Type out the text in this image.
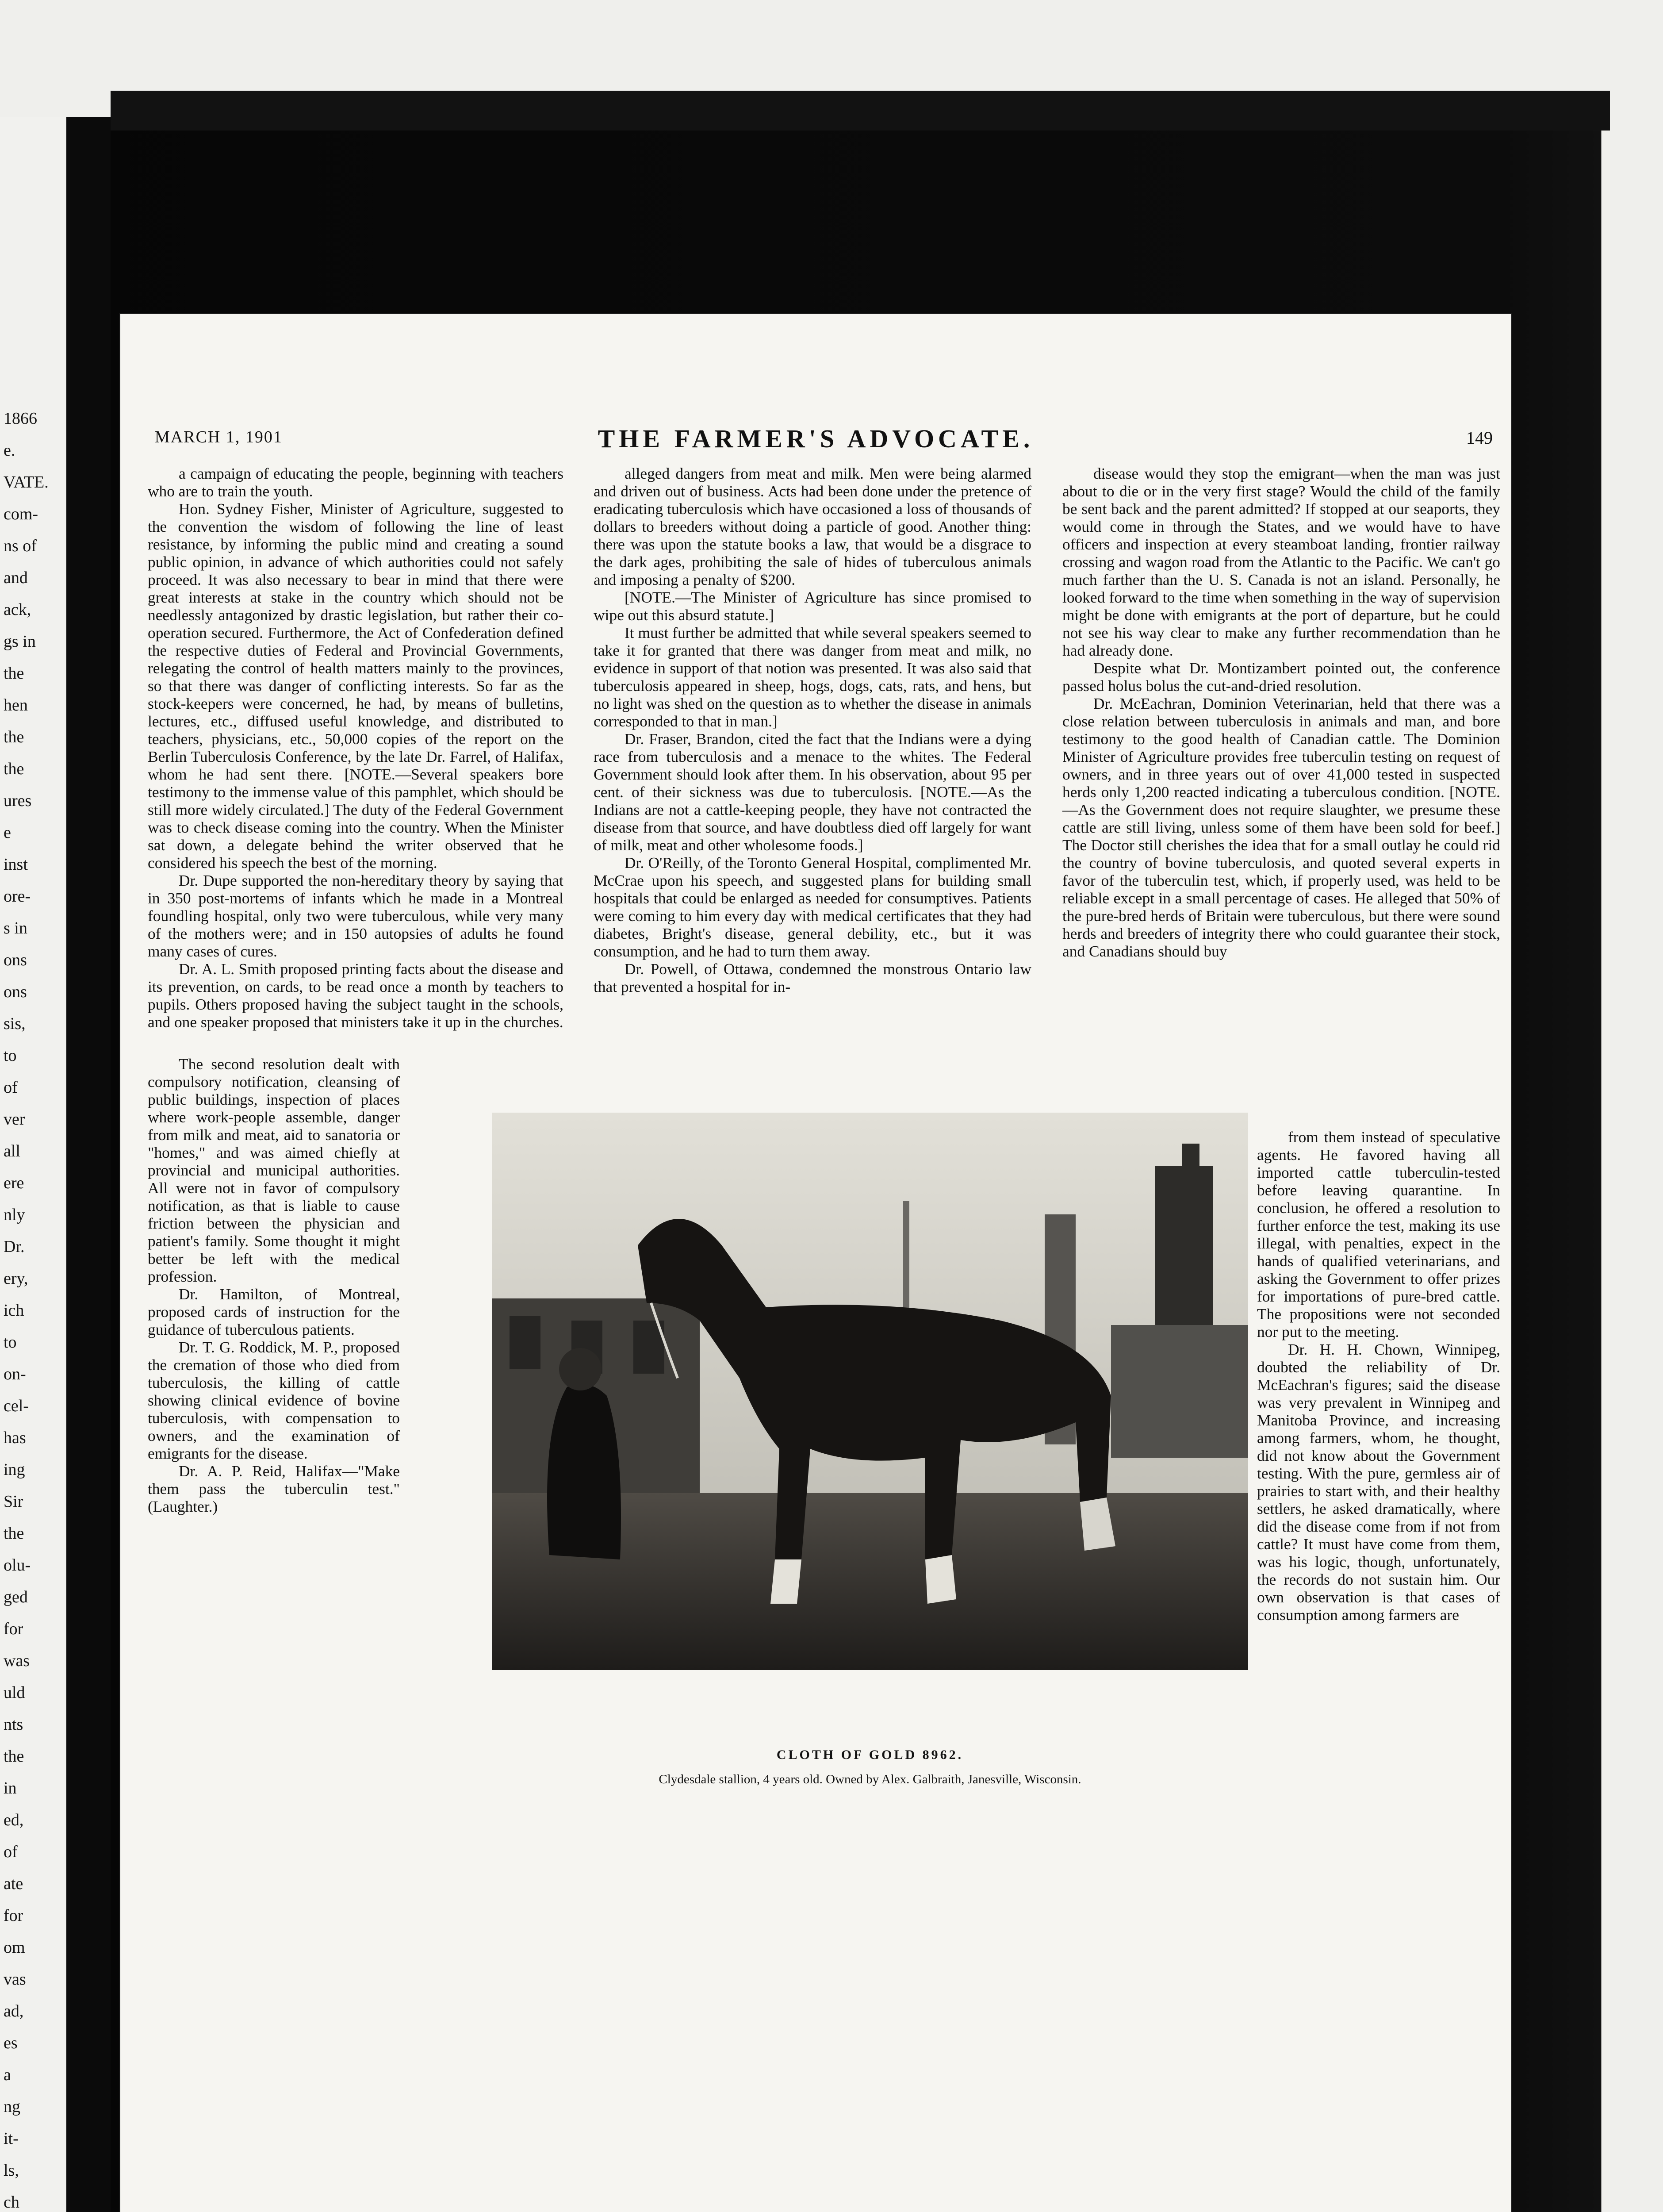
1866
e.
VATE.
com-
ns of
and
ack,
gs in
the
hen
the
the
ures
e
inst
ore-
s in
ons
ons
sis,
to
of
ver
all
ere
nly
Dr.
ery,
ich
to
on-
cel-
has
ing
Sir
the
olu-
ged
for
was
uld
nts
the
in
ed,
of
ate
for
om
vas
ad,
es
a
ng
it-
ls,
ch
MARCH 1, 1901	THE FARMER'S ADVOCATE.	149

a campaign of educating the people, beginning with teachers who are to train the youth.

Hon. Sydney Fisher, Minister of Agriculture, suggested to the convention the wisdom of following the line of least resistance, by informing the public mind and creating a sound public opinion, in advance of which authorities could not safely proceed. It was also necessary to bear in mind that there were great interests at stake in the country which should not be needlessly antagonized by drastic legislation, but rather their co-operation secured. Furthermore, the Act of Confederation defined the respective duties of Federal and Provincial Governments, relegating the control of health matters mainly to the provinces, so that there was danger of conflicting interests. So far as the stock-keepers were concerned, he had, by means of bulletins, lectures, etc., diffused useful knowledge, and distributed to teachers, physicians, etc., 50,000 copies of the report on the Berlin Tuberculosis Conference, by the late Dr. Farrel, of Halifax, whom he had sent there. [NOTE.—Several speakers bore testimony to the immense value of this pamphlet, which should be still more widely circulated.] The duty of the Federal Government was to check disease coming into the country. When the Minister sat down, a delegate behind the writer observed that he considered his speech the best of the morning.

Dr. Dupe supported the non-hereditary theory by saying that in 350 post-mortems of infants which he made in a Montreal foundling hospital, only two were tuberculous, while very many of the mothers were; and in 150 autopsies of adults he found many cases of cures.

Dr. A. L. Smith proposed printing facts about the disease and its prevention, on cards, to be read once a month by teachers to pupils. Others proposed having the subject taught in the schools, and one speaker proposed that ministers take it up in the churches.

The second resolution dealt with compulsory notification, cleansing of public buildings, inspection of places where work-people assemble, danger from milk and meat, aid to sanatoria or "homes," and was aimed chiefly at provincial and municipal authorities. All were not in favor of compulsory notification, as that is liable to cause friction between the physician and patient's family. Some thought it might better be left with the medical profession.

Dr. Hamilton, of Montreal, proposed cards of instruction for the guidance of tuberculous patients.

Dr. T. G. Roddick, M. P., proposed the cremation of those who died from tuberculosis, the killing of cattle showing clinical evidence of bovine tuberculosis, with compensation to owners, and the examination of emigrants for the disease.

Dr. A. P. Reid, Halifax—"Make them pass the tuberculin test." (Laughter.)

alleged dangers from meat and milk. Men were being alarmed and driven out of business. Acts had been done under the pretence of eradicating tuberculosis which have occasioned a loss of thousands of dollars to breeders without doing a particle of good. Another thing: there was upon the statute books a law, that would be a disgrace to the dark ages, prohibiting the sale of hides of tuberculous animals and imposing a penalty of $200.

[NOTE.—The Minister of Agriculture has since promised to wipe out this absurd statute.]

It must further be admitted that while several speakers seemed to take it for granted that there was danger from meat and milk, no evidence in support of that notion was presented. It was also said that tuberculosis appeared in sheep, hogs, dogs, cats, rats, and hens, but no light was shed on the question as to whether the disease in animals corresponded to that in man.]

Dr. Fraser, Brandon, cited the fact that the Indians were a dying race from tuberculosis and a menace to the whites. The Federal Government should look after them. In his observation, about 95 per cent. of their sickness was due to tuberculosis. [NOTE.—As the Indians are not a cattle-keeping people, they have not contracted the disease from that source, and have doubtless died off largely for want of milk, meat and other wholesome foods.]

Dr. O'Reilly, of the Toronto General Hospital, complimented Mr. McCrae upon his speech, and suggested plans for building small hospitals that could be enlarged as needed for consumptives. Patients were coming to him every day with medical certificates that they had diabetes, Bright's disease, general debility, etc., but it was consumption, and he had to turn them away.

Dr. Powell, of Ottawa, condemned the monstrous Ontario law that prevented a hospital for in-

disease would they stop the emigrant—when the man was just about to die or in the very first stage? Would the child of the family be sent back and the parent admitted? If stopped at our seaports, they would come in through the States, and we would have to have officers and inspection at every steamboat landing, frontier railway crossing and wagon road from the Atlantic to the Pacific. We can't go much farther than the U. S. Canada is not an island. Personally, he looked forward to the time when something in the way of supervision might be done with emigrants at the port of departure, but he could not see his way clear to make any further recommendation than he had already done.

Despite what Dr. Montizambert pointed out, the conference passed holus bolus the cut-and-dried resolution.

Dr. McEachran, Dominion Veterinarian, held that there was a close relation between tuberculosis in animals and man, and bore testimony to the good health of Canadian cattle. The Dominion Minister of Agriculture provides free tuberculin testing on request of owners, and in three years out of over 41,000 tested in suspected herds only 1,200 reacted indicating a tuberculous condition. [NOTE.—As the Government does not require slaughter, we presume these cattle are still living, unless some of them have been sold for beef.] The Doctor still cherishes the idea that for a small outlay he could rid the country of bovine tuberculosis, and quoted several experts in favor of the tuberculin test, which, if properly used, was held to be reliable except in a small percentage of cases. He alleged that 50% of the pure-bred herds of Britain were tuberculous, but there were sound herds and breeders of integrity there who could guarantee their stock, and Canadians should buy

from them instead of speculative agents. He favored having all imported cattle tuberculin-tested before leaving quarantine. In conclusion, he offered a resolution to further enforce the test, making its use illegal, with penalties, expect in the hands of qualified veterinarians, and asking the Government to offer prizes for importations of pure-bred cattle. The propositions were not seconded nor put to the meeting.

Dr. H. H. Chown, Winnipeg, doubted the reliability of Dr. McEachran's figures; said the disease was very prevalent in Winnipeg and Manitoba Province, and increasing among farmers, whom, he thought, did not know about the Government testing. With the pure, germless air of prairies to start with, and their healthy settlers, he asked dramatically, where did the disease come from if not from cattle? It must have come from them, was his logic, though, unfortunately, the records do not sustain him. Our own observation is that cases of consumption among farmers are

CLOTH OF GOLD 8962.
Clydesdale stallion, 4 years old. Owned by Alex. Galbraith, Janesville, Wisconsin.
